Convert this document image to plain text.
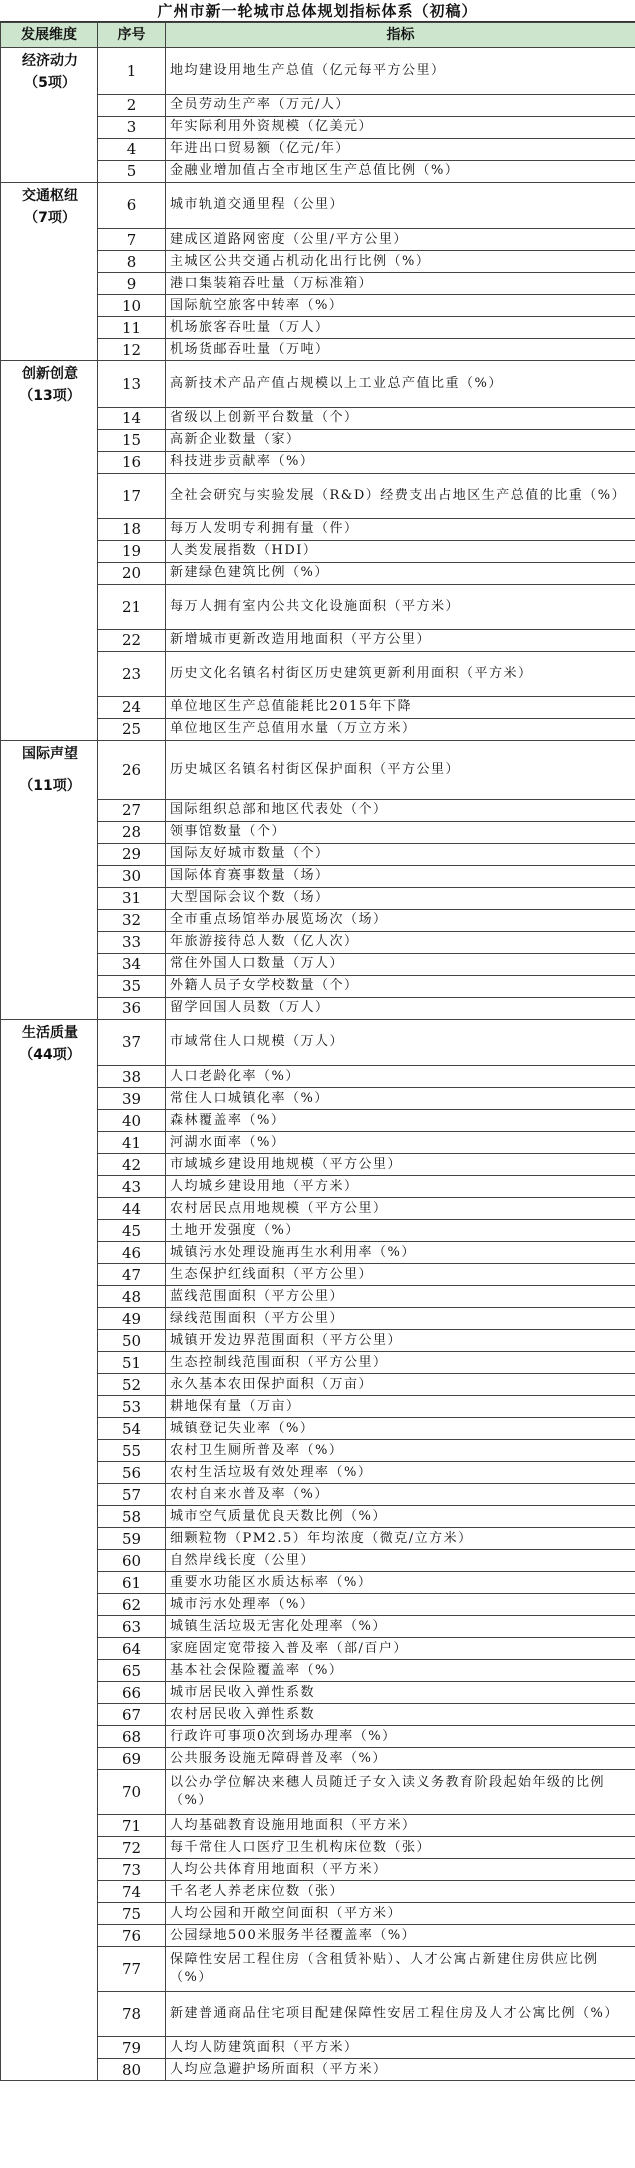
广州市新一轮城市总体规划指标体系（初稿）
发展维度	序号	指标

经济动力
（5项）	1	地均建设用地生产总值（亿元每平方公里）
	2	全员劳动生产率（万元/人）
	3	年实际利用外资规模（亿美元）
	4	年进出口贸易额（亿元/年）
	5	金融业增加值占全市地区生产总值比例（%）

交通枢纽
（7项）	6	城市轨道交通里程（公里）
	7	建成区道路网密度（公里/平方公里）
	8	主城区公共交通占机动化出行比例（%）
	9	港口集装箱吞吐量（万标准箱）
	10	国际航空旅客中转率（%）
	11	机场旅客吞吐量（万人）
	12	机场货邮吞吐量（万吨）

创新创意
（13项）	13	高新技术产品产值占规模以上工业总产值比重（%）
	14	省级以上创新平台数量（个）
	15	高新企业数量（家）
	16	科技进步贡献率（%）
	17	全社会研究与实验发展（R&D）经费支出占地区生产总值的比重（%）
	18	每万人发明专利拥有量（件）
	19	人类发展指数（HDI）
	20	新建绿色建筑比例（%）
	21	每万人拥有室内公共文化设施面积（平方米）
	22	新增城市更新改造用地面积（平方公里）
	23	历史文化名镇名村街区历史建筑更新利用面积（平方米）
	24	单位地区生产总值能耗比2015年下降
	25	单位地区生产总值用水量（万立方米）

国际声望
（11项）	26	历史城区名镇名村街区保护面积（平方公里）
	27	国际组织总部和地区代表处（个）
	28	领事馆数量（个）
	29	国际友好城市数量（个）
	30	国际体育赛事数量（场）
	31	大型国际会议个数（场）
	32	全市重点场馆举办展览场次（场）
	33	年旅游接待总人数（亿人次）
	34	常住外国人口数量（万人）
	35	外籍人员子女学校数量（个）
	36	留学回国人员数（万人）

生活质量
（44项）	37	市域常住人口规模（万人）
	38	人口老龄化率（%）
	39	常住人口城镇化率（%）
	40	森林覆盖率（%）
	41	河湖水面率（%）
	42	市域城乡建设用地规模（平方公里）
	43	人均城乡建设用地（平方米）
	44	农村居民点用地规模（平方公里）
	45	土地开发强度（%）
	46	城镇污水处理设施再生水利用率（%）
	47	生态保护红线面积（平方公里）
	48	蓝线范围面积（平方公里）
	49	绿线范围面积（平方公里）
	50	城镇开发边界范围面积（平方公里）
	51	生态控制线范围面积（平方公里）
	52	永久基本农田保护面积（万亩）
	53	耕地保有量（万亩）
	54	城镇登记失业率（%）
	55	农村卫生厕所普及率（%）
	56	农村生活垃圾有效处理率（%）
	57	农村自来水普及率（%）
	58	城市空气质量优良天数比例（%）
	59	细颗粒物（PM2.5）年均浓度（微克/立方米）
	60	自然岸线长度（公里）
	61	重要水功能区水质达标率（%）
	62	城市污水处理率（%）
	63	城镇生活垃圾无害化处理率（%）
	64	家庭固定宽带接入普及率（部/百户）
	65	基本社会保险覆盖率（%）
	66	城市居民收入弹性系数
	67	农村居民收入弹性系数
	68	行政许可事项0次到场办理率（%）
	69	公共服务设施无障碍普及率（%）
	70	以公办学位解决来穗人员随迁子女入读义务教育阶段起始年级的比例（%）
	71	人均基础教育设施用地面积（平方米）
	72	每千常住人口医疗卫生机构床位数（张）
	73	人均公共体育用地面积（平方米）
	74	千名老人养老床位数（张）
	75	人均公园和开敞空间面积（平方米）
	76	公园绿地500米服务半径覆盖率（%）
	77	保障性安居工程住房（含租赁补贴）、人才公寓占新建住房供应比例（%）
	78	新建普通商品住宅项目配建保障性安居工程住房及人才公寓比例（%）
	79	人均人防建筑面积（平方米）
	80	人均应急避护场所面积（平方米）
